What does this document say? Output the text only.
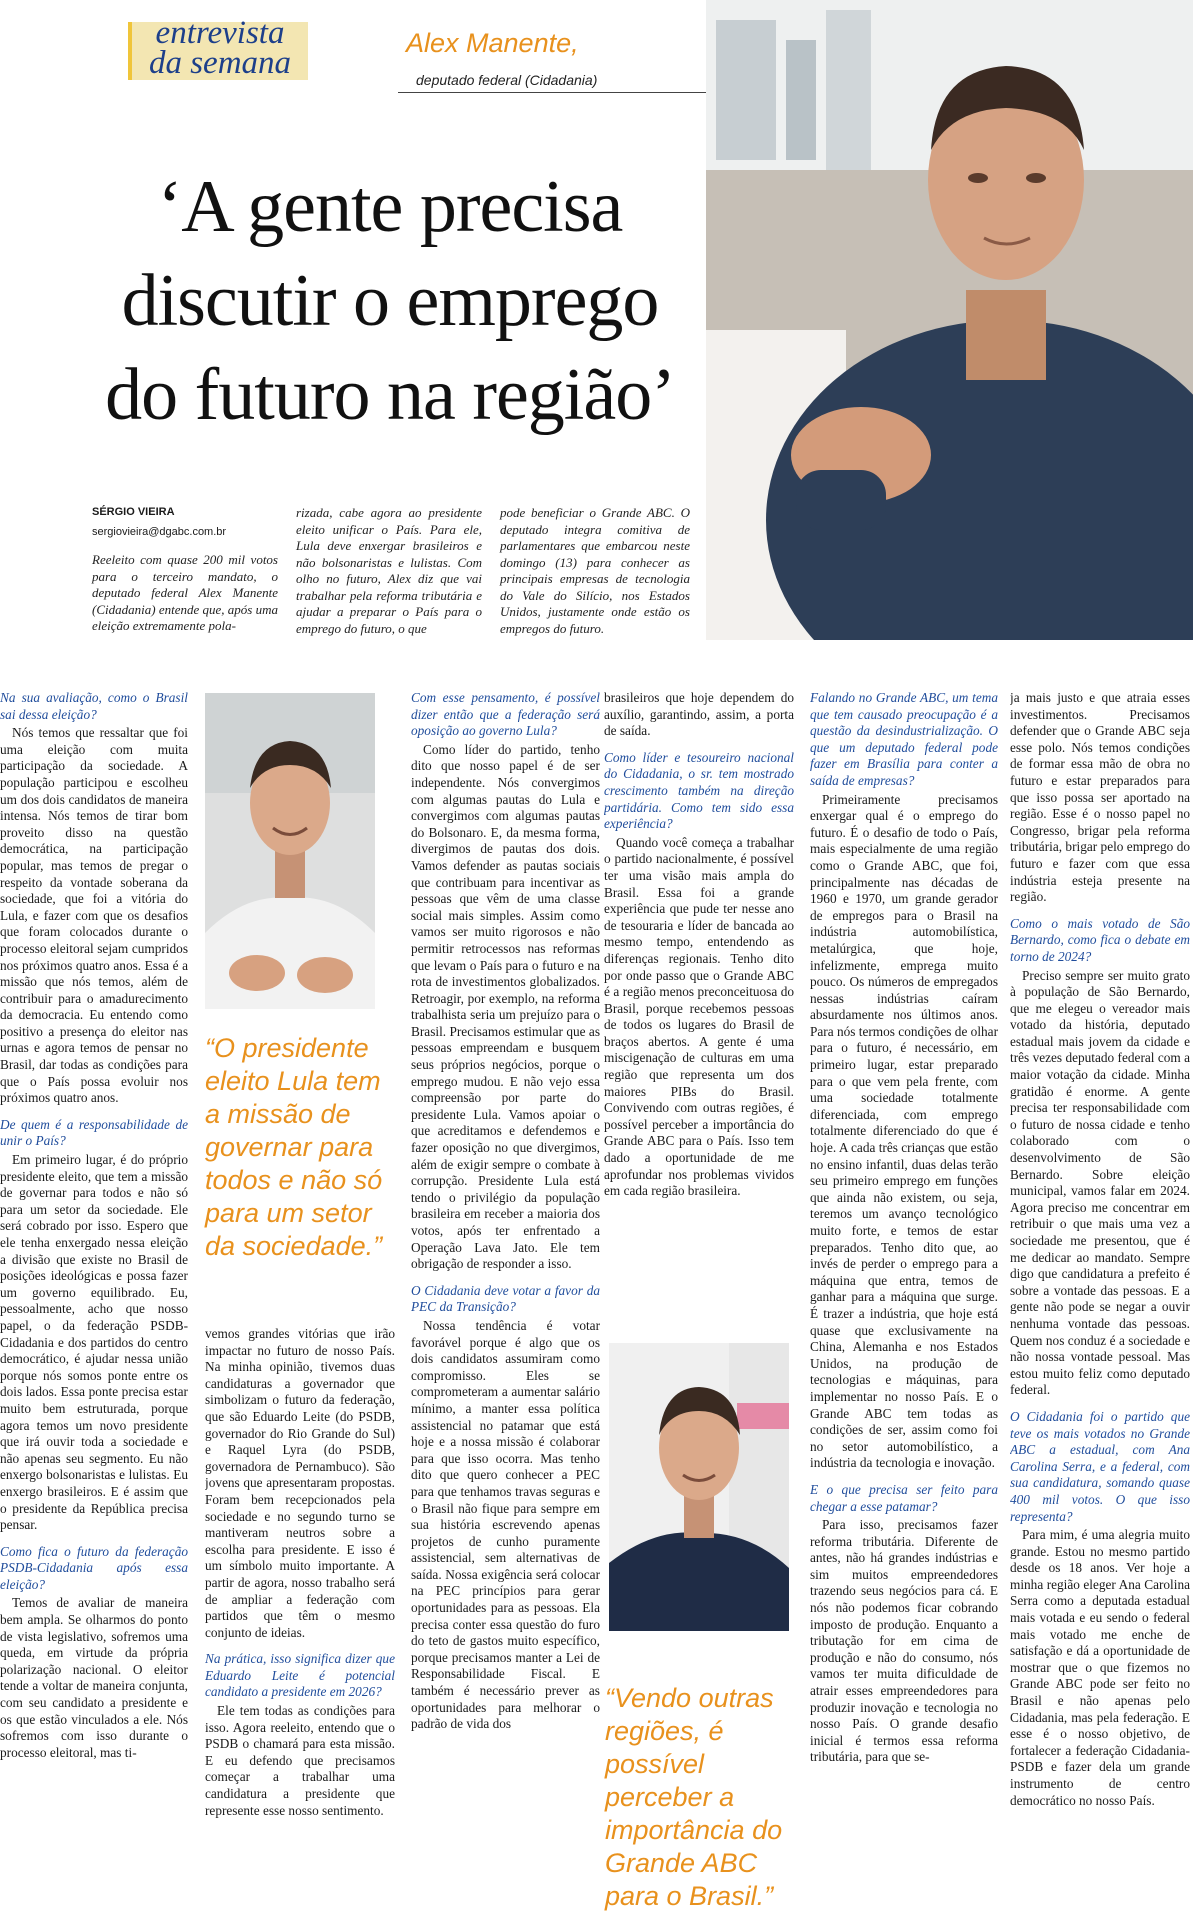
entrevista
da semana
Alex Manente,
deputado federal (Cidadania)
‘A gente precisa
discutir o emprego
do futuro na região’
SÉRGIO VIEIRA
sergiovieira@dgabc.com.br
Reeleito com quase 200 mil votos para o terceiro mandato, o deputado federal Alex Manente (Cidadania) entende que, após uma eleição extremamente pola-
rizada, cabe agora ao presidente eleito unificar o País. Para ele, Lula deve enxergar brasileiros e não bolsonaristas e lulistas. Com olho no futuro, Alex diz que vai trabalhar pela reforma tributária e ajudar a preparar o País para o emprego do futuro, o que
pode beneficiar o Grande ABC. O deputado integra comitiva de parlamentares que embarcou neste domingo (13) para conhecer as principais empresas de tecnologia do Vale do Silício, nos Estados Unidos, justamente onde estão os empregos do futuro.

Na sua avaliação, como o Brasil sai dessa eleição?

Nós temos que ressaltar que foi uma eleição com muita participação da sociedade. A população participou e escolheu um dos dois candidatos de maneira intensa. Nós temos de tirar bom proveito disso na questão democrática, na participação popular, mas temos de pregar o respeito da vontade soberana da sociedade, que foi a vitória do Lula, e fazer com que os desafios que foram colocados durante o processo eleitoral sejam cumpridos nos próximos quatro anos. Essa é a missão que nós temos, além de contribuir para o amadurecimento da democracia. Eu entendo como positivo a presença do eleitor nas urnas e agora temos de pensar no Brasil, dar todas as condições para que o País possa evoluir nos próximos quatro anos.

De quem é a responsabilidade de unir o País?

Em primeiro lugar, é do próprio presidente eleito, que tem a missão de governar para todos e não só para um setor da sociedade. Ele será cobrado por isso. Espero que ele tenha enxergado nessa eleição a divisão que existe no Brasil de posições ideológicas e possa fazer um governo equilibrado. Eu, pessoalmente, acho que nosso papel, o da federação PSDB-Cidadania e dos partidos do centro democrático, é ajudar nessa união porque nós somos ponte entre os dois lados. Essa ponte precisa estar muito bem estruturada, porque agora temos um novo presidente que irá ouvir toda a sociedade e não apenas seu segmento. Eu não enxergo bolsonaristas e lulistas. Eu enxergo brasileiros. E é assim que o presidente da República precisa pensar.

Como fica o futuro da federação PSDB-Cidadania após essa eleição?

Temos de avaliar de maneira bem ampla. Se olharmos do ponto de vista legislativo, sofremos uma queda, em virtude da própria polarização nacional. O eleitor tende a voltar de maneira conjunta, com seu candidato a presidente e os que estão vinculados a ele. Nós sofremos com isso durante o processo eleitoral, mas ti-

“O presidente eleito Lula tem a missão de governar para todos e não só para um setor da sociedade.”

vemos grandes vitórias que irão impactar no futuro de nosso País. Na minha opinião, tivemos duas candidaturas a governador que simbolizam o futuro da federação, que são Eduardo Leite (do PSDB, governador do Rio Grande do Sul) e Raquel Lyra (do PSDB, governadora de Pernambuco). São jovens que apresentaram propostas. Foram bem recepcionados pela sociedade e no segundo turno se mantiveram neutros sobre a escolha para presidente. E isso é um símbolo muito importante. A partir de agora, nosso trabalho será de ampliar a federação com partidos que têm o mesmo conjunto de ideias.

Na prática, isso significa dizer que Eduardo Leite é potencial candidato a presidente em 2026?

Ele tem todas as condições para isso. Agora reeleito, entendo que o PSDB o chamará para esta missão. E eu defendo que precisamos começar a trabalhar uma candidatura a presidente que represente esse nosso sentimento.

Com esse pensamento, é possível dizer então que a federação será oposição ao governo Lula?

Como líder do partido, tenho dito que nosso papel é de ser independente. Nós convergimos com algumas pautas do Lula e convergimos com algumas pautas do Bolsonaro. E, da mesma forma, divergimos de pautas dos dois. Vamos defender as pautas sociais que contribuam para incentivar as pessoas que vêm de uma classe social mais simples. Assim como vamos ser muito rigorosos e não permitir retrocessos nas reformas que levam o País para o futuro e na rota de investimentos globalizados. Retroagir, por exemplo, na reforma trabalhista seria um prejuízo para o Brasil. Precisamos estimular que as pessoas empreendam e busquem seus próprios negócios, porque o emprego mudou. E não vejo essa compreensão por parte do presidente Lula. Vamos apoiar o que acreditamos e defendemos e fazer oposição no que divergimos, além de exigir sempre o combate à corrupção. Presidente Lula está tendo o privilégio da população brasileira em receber a maioria dos votos, após ter enfrentado a Operação Lava Jato. Ele tem obrigação de responder a isso.

O Cidadania deve votar a favor da PEC da Transição?

Nossa tendência é votar favorável porque é algo que os dois candidatos assumiram como compromisso. Eles se comprometeram a aumentar salário mínimo, a manter essa política assistencial no patamar que está hoje e a nossa missão é colaborar para que isso ocorra. Mas tenho dito que quero conhecer a PEC para que tenhamos travas seguras e o Brasil não fique para sempre em sua história escrevendo apenas projetos de cunho puramente assistencial, sem alternativas de saída. Nossa exigência será colocar na PEC princípios para gerar oportunidades para as pessoas. Ela precisa conter essa questão do furo do teto de gastos muito específico, porque precisamos manter a Lei de Responsabilidade Fiscal. E também é necessário prever as oportunidades para melhorar o padrão de vida dos

brasileiros que hoje dependem do auxílio, garantindo, assim, a porta de saída.

Como líder e tesoureiro nacional do Cidadania, o sr. tem mostrado crescimento também na direção partidária. Como tem sido essa experiência?

Quando você começa a trabalhar o partido nacionalmente, é possível ter uma visão mais ampla do Brasil. Essa foi a grande experiência que pude ter nesse ano de tesouraria e líder de bancada ao mesmo tempo, entendendo as diferenças regionais. Tenho dito por onde passo que o Grande ABC é a região menos preconceituosa do Brasil, porque recebemos pessoas de todos os lugares do Brasil de braços abertos. A gente é uma miscigenação de culturas em uma região que representa um dos maiores PIBs do Brasil. Convivendo com outras regiões, é possível perceber a importância do Grande ABC para o País. Isso tem dado a oportunidade de me aprofundar nos problemas vividos em cada região brasileira.

“Vendo outras regiões, é possível perceber a importância do Grande ABC para o Brasil.”

Falando no Grande ABC, um tema que tem causado preocupação é a questão da desindustrialização. O que um deputado federal pode fazer em Brasília para conter a saída de empresas?

Primeiramente precisamos enxergar qual é o emprego do futuro. É o desafio de todo o País, mais especialmente de uma região como o Grande ABC, que foi, principalmente nas décadas de 1960 e 1970, um grande gerador de empregos para o Brasil na indústria automobilística, metalúrgica, que hoje, infelizmente, emprega muito pouco. Os números de empregados nessas indústrias caíram absurdamente nos últimos anos. Para nós termos condições de olhar para o futuro, é necessário, em primeiro lugar, estar preparado para o que vem pela frente, com uma sociedade totalmente diferenciada, com emprego totalmente diferenciado do que é hoje. A cada três crianças que estão no ensino infantil, duas delas terão seu primeiro emprego em funções que ainda não existem, ou seja, teremos um avanço tecnológico muito forte, e temos de estar preparados. Tenho dito que, ao invés de perder o emprego para a máquina que entra, temos de ganhar para a máquina que surge. É trazer a indústria, que hoje está quase que exclusivamente na China, Alemanha e nos Estados Unidos, na produção de tecnologias e máquinas, para implementar no nosso País. E o Grande ABC tem todas as condições de ser, assim como foi no setor automobilístico, a indústria da tecnologia e inovação.

E o que precisa ser feito para chegar a esse patamar?

Para isso, precisamos fazer reforma tributária. Diferente de antes, não há grandes indústrias e sim muitos empreendedores trazendo seus negócios para cá. E nós não podemos ficar cobrando imposto de produção. Enquanto a tributação for em cima de produção e não do consumo, nós vamos ter muita dificuldade de atrair esses empreendedores para produzir inovação e tecnologia no nosso País. O grande desafio inicial é termos essa reforma tributária, para que se-

ja mais justo e que atraia esses investimentos. Precisamos defender que o Grande ABC seja esse polo. Nós temos condições de formar essa mão de obra no futuro e estar preparados para que isso possa ser aportado na região. Esse é o nosso papel no Congresso, brigar pela reforma tributária, brigar pelo emprego do futuro e fazer com que essa indústria esteja presente na região.

Como o mais votado de São Bernardo, como fica o debate em torno de 2024?

Preciso sempre ser muito grato à população de São Bernardo, que me elegeu o vereador mais votado da história, deputado estadual mais jovem da cidade e três vezes deputado federal com a maior votação da cidade. Minha gratidão é enorme. A gente precisa ter responsabilidade com o futuro de nossa cidade e tenho colaborado com o desenvolvimento de São Bernardo. Sobre eleição municipal, vamos falar em 2024. Agora preciso me concentrar em retribuir o que mais uma vez a sociedade me presentou, que é me dedicar ao mandato. Sempre digo que candidatura a prefeito é sobre a vontade das pessoas. E a gente não pode se negar a ouvir nenhuma vontade das pessoas. Quem nos conduz é a sociedade e não nossa vontade pessoal. Mas estou muito feliz como deputado federal.

O Cidadania foi o partido que teve os mais votados no Grande ABC a estadual, com Ana Carolina Serra, e a federal, com sua candidatura, somando quase 400 mil votos. O que isso representa?

Para mim, é uma alegria muito grande. Estou no mesmo partido desde os 18 anos. Ver hoje a minha região eleger Ana Carolina Serra como a deputada estadual mais votada e eu sendo o federal mais votado me enche de satisfação e dá a oportunidade de mostrar que o que fizemos no Grande ABC pode ser feito no Brasil e não apenas pelo Cidadania, mas pela federação. E esse é o nosso objetivo, de fortalecer a federação Cidadania-PSDB e fazer dela um grande instrumento de centro democrático no nosso País.
